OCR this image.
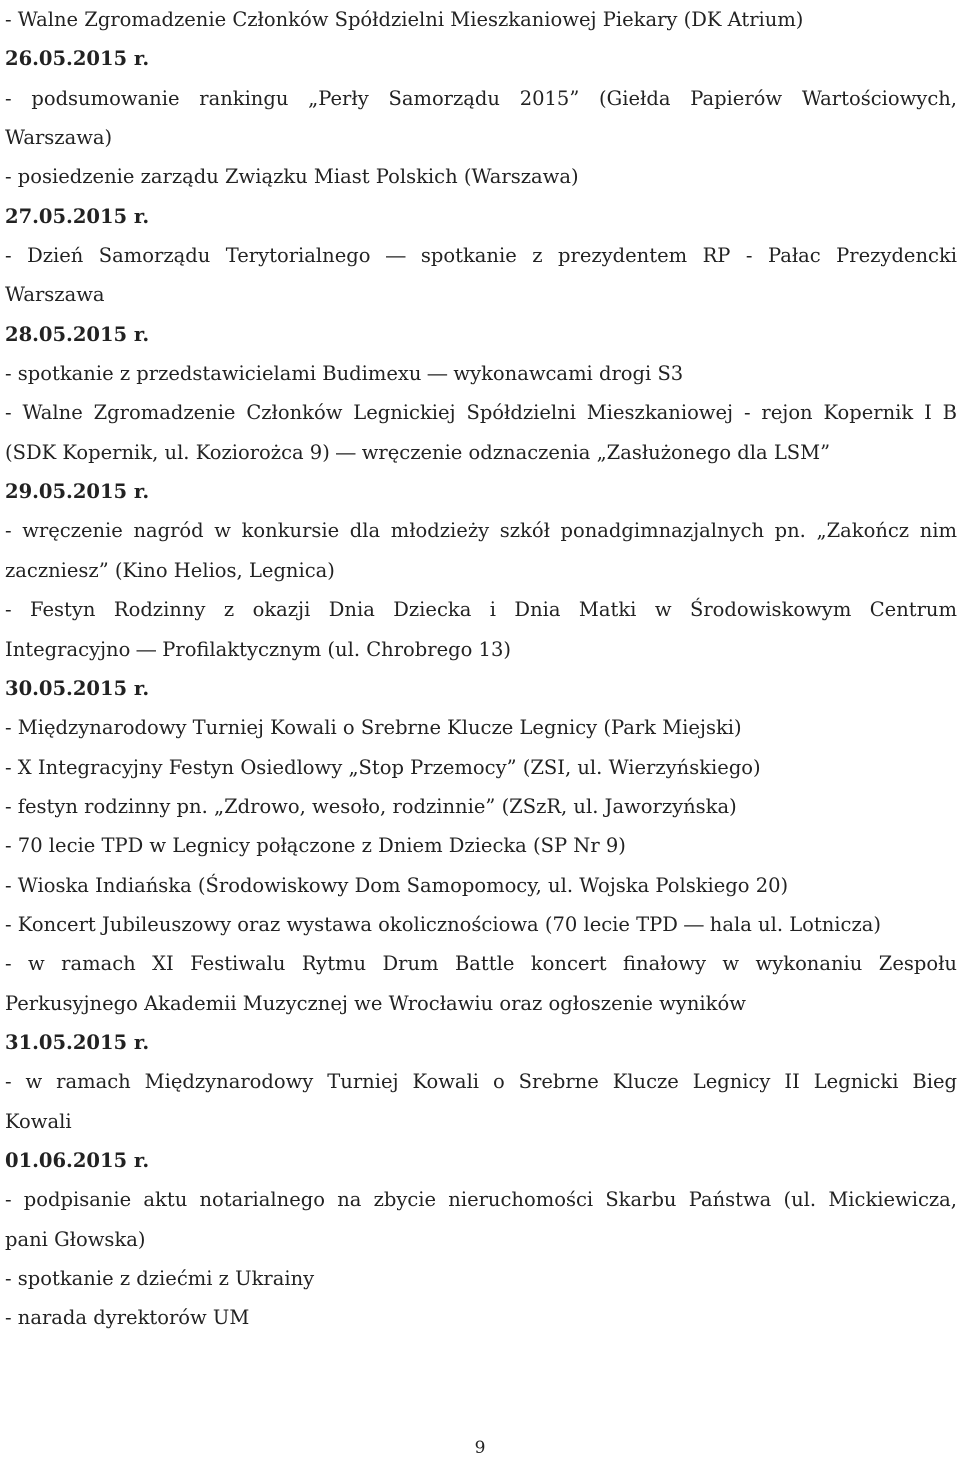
- Walne Zgromadzenie Członków Spółdzielni Mieszkaniowej Piekary (DK Atrium)
26.05.2015 r.
- podsumowanie rankingu „Perły Samorządu 2015” (Giełda Papierów Wartościowych,
Warszawa)
- posiedzenie zarządu Związku Miast Polskich (Warszawa)
27.05.2015 r.
- Dzień Samorządu Terytorialnego ― spotkanie z prezydentem RP - Pałac Prezydencki
Warszawa
28.05.2015 r.
- spotkanie z przedstawicielami Budimexu ― wykonawcami drogi S3
- Walne Zgromadzenie Członków Legnickiej Spółdzielni Mieszkaniowej - rejon Kopernik I B
(SDK Kopernik, ul. Koziorożca 9) ― wręczenie odznaczenia „Zasłużonego dla LSM”
29.05.2015 r.
- wręczenie nagród w konkursie dla młodzieży szkół ponadgimnazjalnych pn. „Zakończ nim
zaczniesz” (Kino Helios, Legnica)
- Festyn Rodzinny z okazji Dnia Dziecka i Dnia Matki w Środowiskowym Centrum
Integracyjno ― Profilaktycznym (ul. Chrobrego 13)
30.05.2015 r.
- Międzynarodowy Turniej Kowali o Srebrne Klucze Legnicy (Park Miejski)
- X Integracyjny Festyn Osiedlowy „Stop Przemocy” (ZSI, ul. Wierzyńskiego)
- festyn rodzinny pn. „Zdrowo, wesoło, rodzinnie” (ZSzR, ul. Jaworzyńska)
- 70 lecie TPD w Legnicy połączone z Dniem Dziecka (SP Nr 9)
- Wioska Indiańska (Środowiskowy Dom Samopomocy, ul. Wojska Polskiego 20)
- Koncert Jubileuszowy oraz wystawa okolicznościowa (70 lecie TPD ― hala ul. Lotnicza)
- w ramach XI Festiwalu Rytmu Drum Battle koncert finałowy w wykonaniu Zespołu
Perkusyjnego Akademii Muzycznej we Wrocławiu oraz ogłoszenie wyników
31.05.2015 r.
- w ramach Międzynarodowy Turniej Kowali o Srebrne Klucze Legnicy II Legnicki Bieg
Kowali
01.06.2015 r.
- podpisanie aktu notarialnego na zbycie nieruchomości Skarbu Państwa (ul. Mickiewicza,
pani Głowska)
- spotkanie z dziećmi z Ukrainy
- narada dyrektorów UM
9
